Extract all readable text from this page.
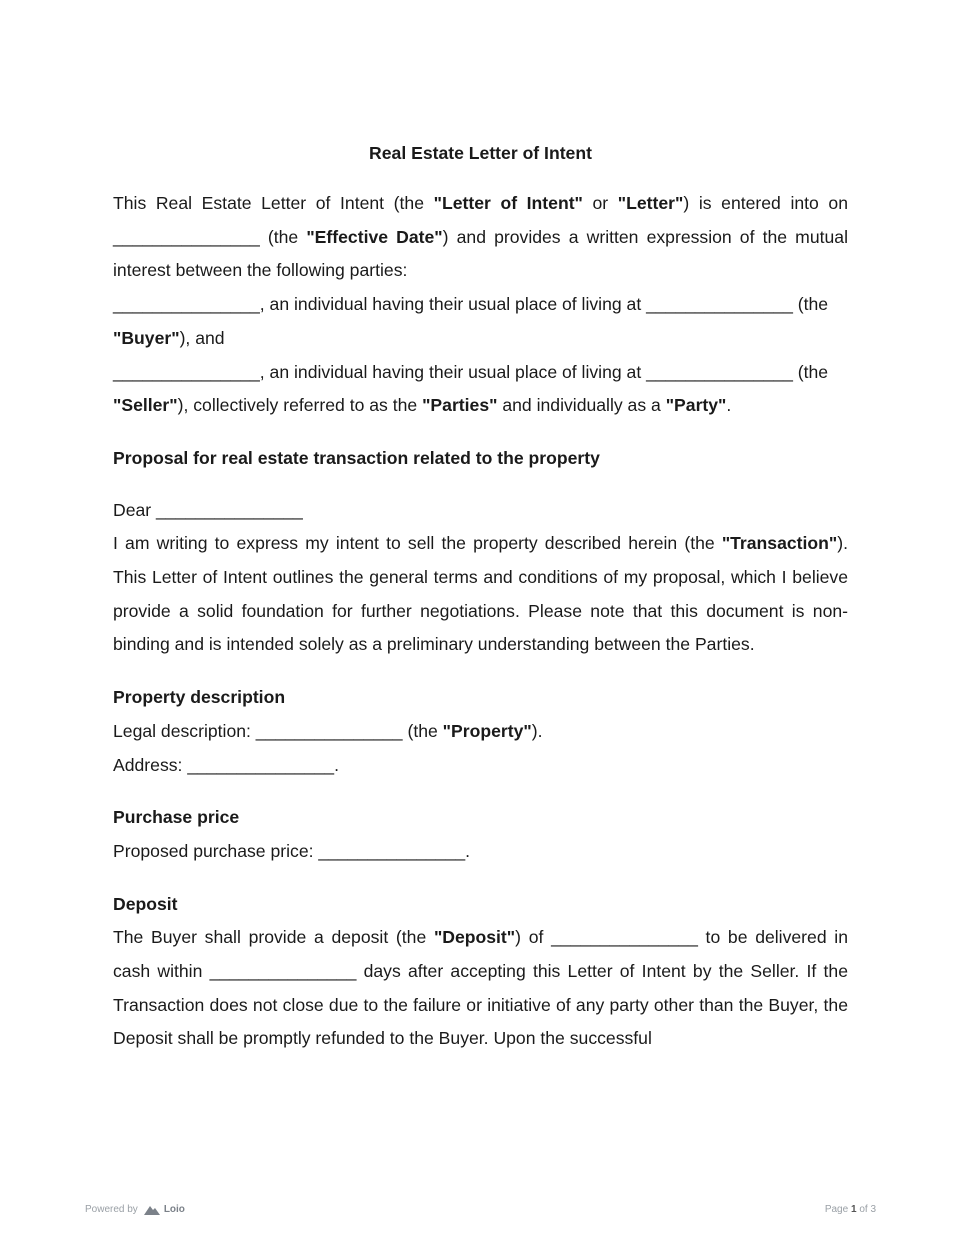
Real Estate Letter of Intent

This Real Estate Letter of Intent (the "Letter of Intent" or "Letter") is entered into on _______________ (the "Effective Date") and provides a written expression of the mutual interest between the following parties:

_______________, an individual having their usual place of living at _______________ (the "Buyer"), and

_______________, an individual having their usual place of living at _______________ (the "Seller"), collectively referred to as the "Parties" and individually as a "Party".

Proposal for real estate transaction related to the property

Dear _______________

I am writing to express my intent to sell the property described herein (the "Transaction"). This Letter of Intent outlines the general terms and conditions of my proposal, which I believe provide a solid foundation for further negotiations. Please note that this document is non-binding and is intended solely as a preliminary understanding between the Parties.

Property description

Legal description: _______________ (the "Property").

Address: _______________.

Purchase price

Proposed purchase price: _______________.

Deposit

The Buyer shall provide a deposit (the "Deposit") of _______________ to be delivered in cash within _______________ days after accepting this Letter of Intent by the Seller. If the Transaction does not close due to the failure or initiative of any party other than the Buyer, the Deposit shall be promptly refunded to the Buyer. Upon the successful

Powered by	Loio	Page 1 of 3
